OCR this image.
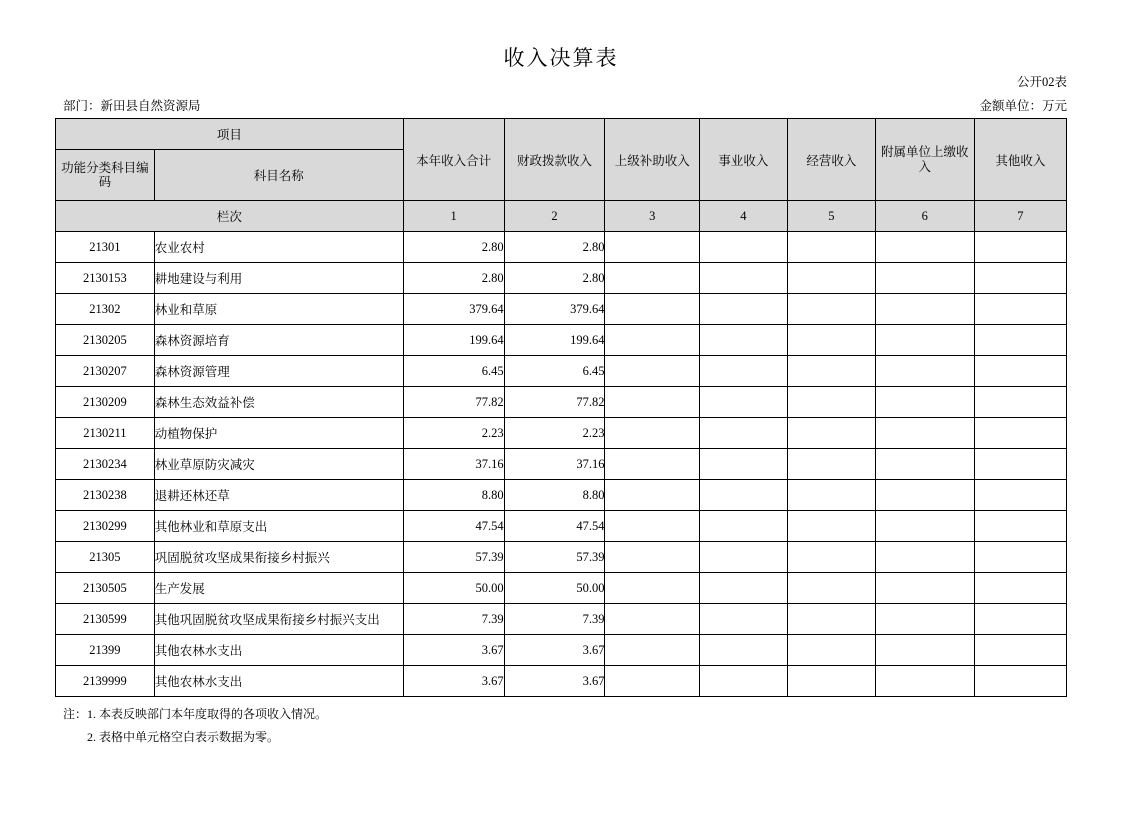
收入决算表
公开02表
部门：新田县自然资源局	金额单位：万元
项目		本年收入合计	财政拨款收入	上级补助收入	事业收入	经营收入	附属单位上缴收入	其他收入
功能分类科目编码	科目名称							
栏次		1	2	3	4	5	6	7
21301	农业农村	2.80	2.80					
2130153	耕地建设与利用	2.80	2.80					
21302	林业和草原	379.64	379.64					
2130205	森林资源培育	199.64	199.64					
2130207	森林资源管理	6.45	6.45					
2130209	森林生态效益补偿	77.82	77.82					
2130211	动植物保护	2.23	2.23					
2130234	林业草原防灾减灾	37.16	37.16					
2130238	退耕还林还草	8.80	8.80					
2130299	其他林业和草原支出	47.54	47.54					
21305	巩固脱贫攻坚成果衔接乡村振兴	57.39	57.39					
2130505	生产发展	50.00	50.00					
2130599	其他巩固脱贫攻坚成果衔接乡村振兴支出	7.39	7.39					
21399	其他农林水支出	3.67	3.67					
2139999	其他农林水支出	3.67	3.67					
注：1. 本表反映部门本年度取得的各项收入情况。
2. 表格中单元格空白表示数据为零。
